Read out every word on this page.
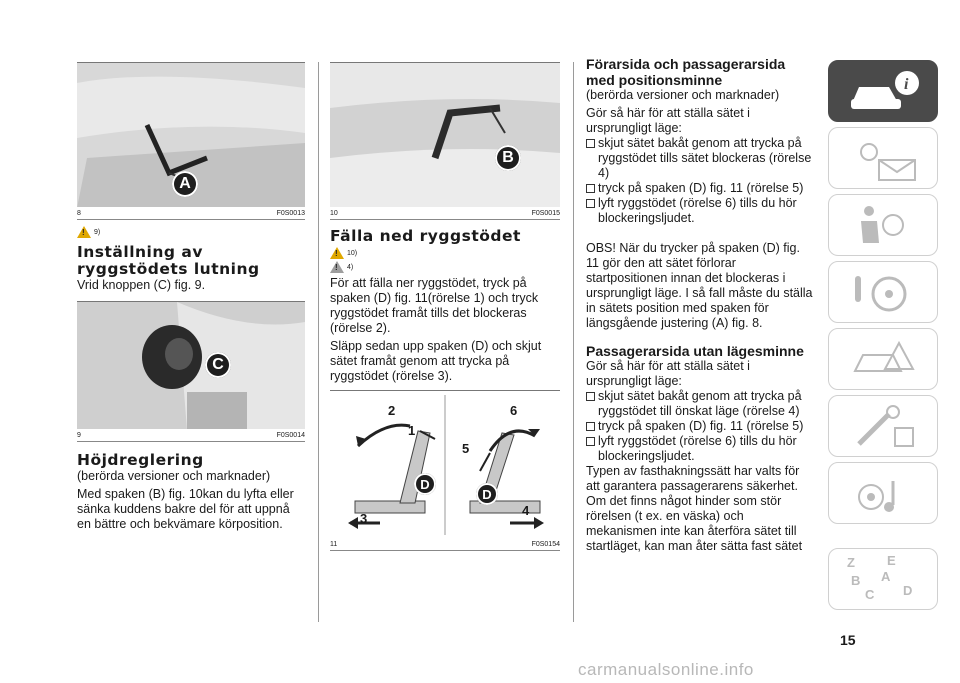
A
8	F0S0013
!
9)
Inställning av ryggstödets lutning

Vrid knoppen (C) fig. 9.

C
9	F0S0014
Höjdreglering

(berörda versioner och marknader)

Med spaken (B) fig. 10kan du lyfta eller sänka kuddens bakre del för att uppnå en bättre och bekvämare körposition.

B
10	F0S0015
Fälla ned ryggstödet
!
10)
!
4)

För att fälla ner ryggstödet, tryck på spaken (D) fig. 11(rörelse 1) och tryck ryggstödet framåt tills det blockeras (rörelse 2).

Släpp sedan upp spaken (D) och skjut sätet framåt genom att trycka på ryggstödet (rörelse 3).

2
1
D
3
6
5
D
4
11	F0S0154
Förarsida och passagerarsida med positionsminne

(berörda versioner och marknader)

Gör så här för att ställa sätet i ursprungligt läge:

skjut sätet bakåt genom att trycka på ryggstödet tills sätet blockeras (rörelse 4)
tryck på spaken (D) fig. 11 (rörelse 5)
lyft ryggstödet (rörelse 6) tills du hör blockeringsljudet.

OBS! När du trycker på spaken (D) fig. 11 gör den att sätet förlorar startpositionen innan det blockeras i ursprungligt läge. I så fall måste du ställa in sätets position med spaken för längsgående justering (A) fig. 8.

Passagerarsida utan lägesminne

Gör så här för att ställa sätet i ursprungligt läge:

skjut sätet bakåt genom att trycka på ryggstödet till önskat läge (rörelse 4)
tryck på spaken (D) fig. 11 (rörelse 5)
lyft ryggstödet (rörelse 6) tills du hör blockeringsljudet.

Typen av fasthakningssätt har valts för att garantera passagerarens säkerhet. Om det finns något hinder som stör rörelsen (t ex. en väska) och mekanismen inte kan återföra sätet till startläget, kan man åter sätta fast sätet

i
Z E
B A
C D
15
carmanualsonline.info
